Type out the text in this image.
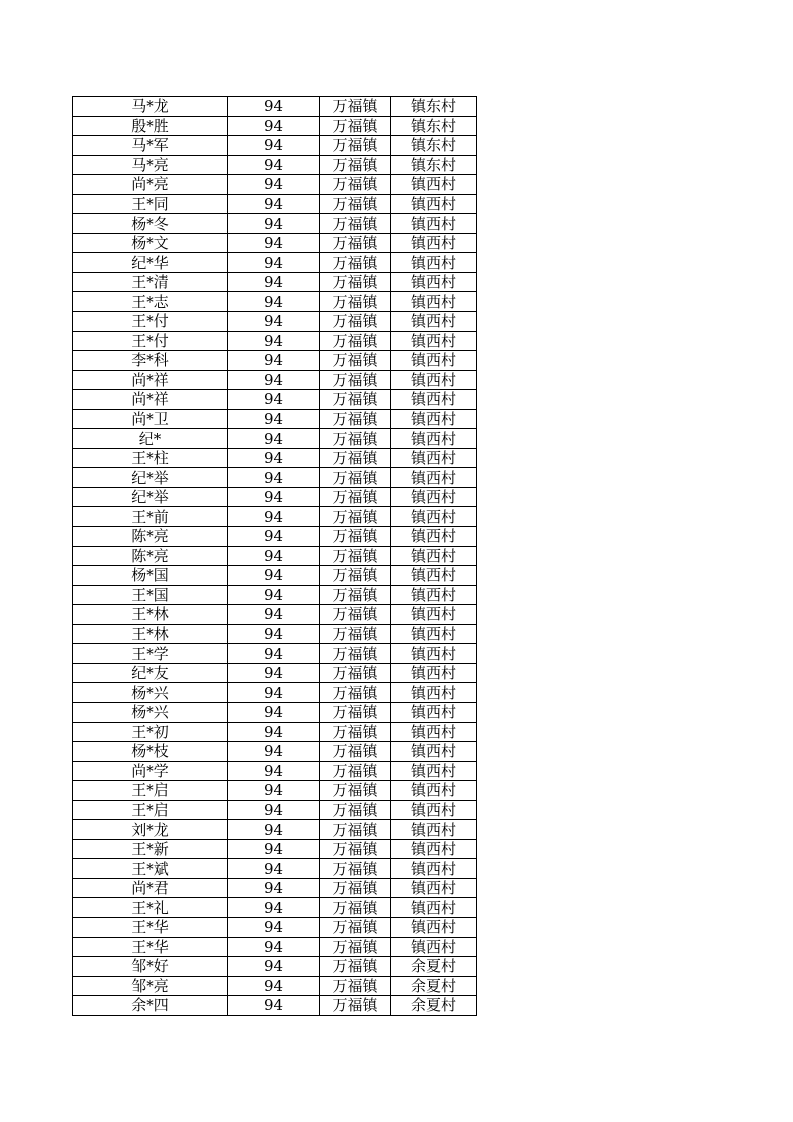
马*龙	94	万福镇	镇东村
殷*胜	94	万福镇	镇东村
马*军	94	万福镇	镇东村
马*亮	94	万福镇	镇东村
尚*亮	94	万福镇	镇西村
王*同	94	万福镇	镇西村
杨*冬	94	万福镇	镇西村
杨*文	94	万福镇	镇西村
纪*华	94	万福镇	镇西村
王*清	94	万福镇	镇西村
王*志	94	万福镇	镇西村
王*付	94	万福镇	镇西村
王*付	94	万福镇	镇西村
李*科	94	万福镇	镇西村
尚*祥	94	万福镇	镇西村
尚*祥	94	万福镇	镇西村
尚*卫	94	万福镇	镇西村
纪*	94	万福镇	镇西村
王*柱	94	万福镇	镇西村
纪*举	94	万福镇	镇西村
纪*举	94	万福镇	镇西村
王*前	94	万福镇	镇西村
陈*亮	94	万福镇	镇西村
陈*亮	94	万福镇	镇西村
杨*国	94	万福镇	镇西村
王*国	94	万福镇	镇西村
王*林	94	万福镇	镇西村
王*林	94	万福镇	镇西村
王*学	94	万福镇	镇西村
纪*友	94	万福镇	镇西村
杨*兴	94	万福镇	镇西村
杨*兴	94	万福镇	镇西村
王*初	94	万福镇	镇西村
杨*枝	94	万福镇	镇西村
尚*学	94	万福镇	镇西村
王*启	94	万福镇	镇西村
王*启	94	万福镇	镇西村
刘*龙	94	万福镇	镇西村
王*新	94	万福镇	镇西村
王*斌	94	万福镇	镇西村
尚*君	94	万福镇	镇西村
王*礼	94	万福镇	镇西村
王*华	94	万福镇	镇西村
王*华	94	万福镇	镇西村
邹*好	94	万福镇	余夏村
邹*亮	94	万福镇	余夏村
余*四	94	万福镇	余夏村
